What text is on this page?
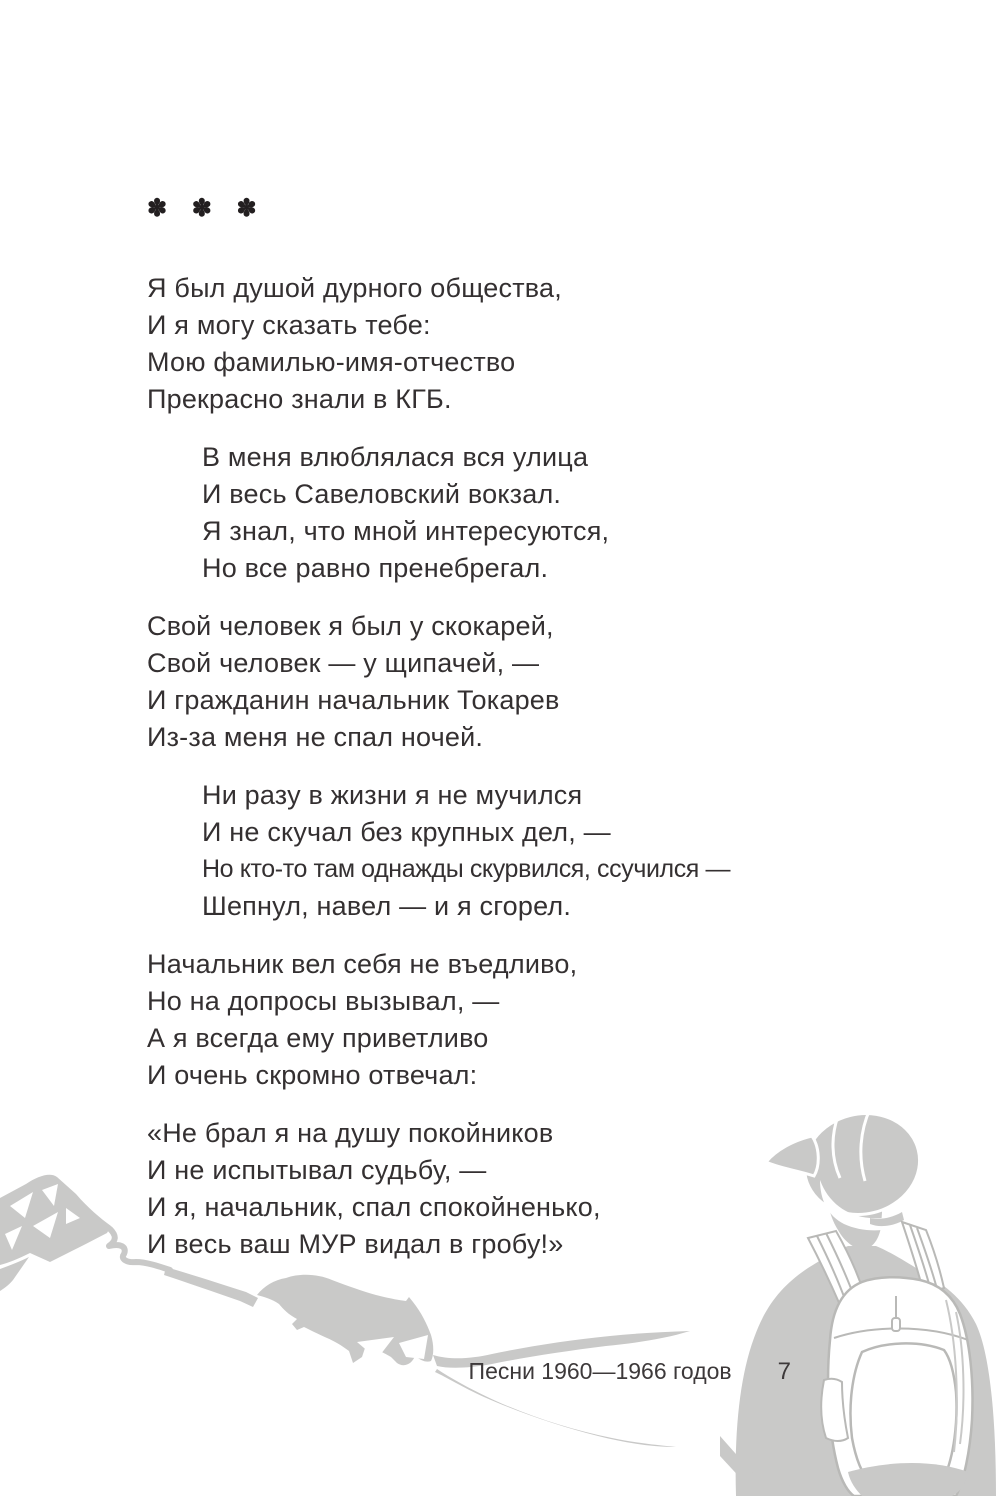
✽ ✽ ✽
Я был душой дурного общества,
И я могу сказать тебе:
Мою фамилью-имя-отчество
Прекрасно знали в КГБ.
В меня влюблялася вся улица
И весь Савеловский вокзал.
Я знал, что мной интересуются,
Но все равно пренебрегал.
Свой человек я был у скокарей,
Свой человек — у щипачей, —
И гражданин начальник Токарев
Из-за меня не спал ночей.
Ни разу в жизни я не мучился
И не скучал без крупных дел, —
Но кто-то там однажды скурвился, ссучился —
Шепнул, навел — и я сгорел.
Начальник вел себя не въедливо,
Но на допросы вызывал, —
А я всегда ему приветливо
И очень скромно отвечал:
«Не брал я на душу покойников
И не испытывал судьбу, —
И я, начальник, спал спокойненько,
И весь ваш МУР видал в гробу!»
Песни 1960—1966 годов 7
